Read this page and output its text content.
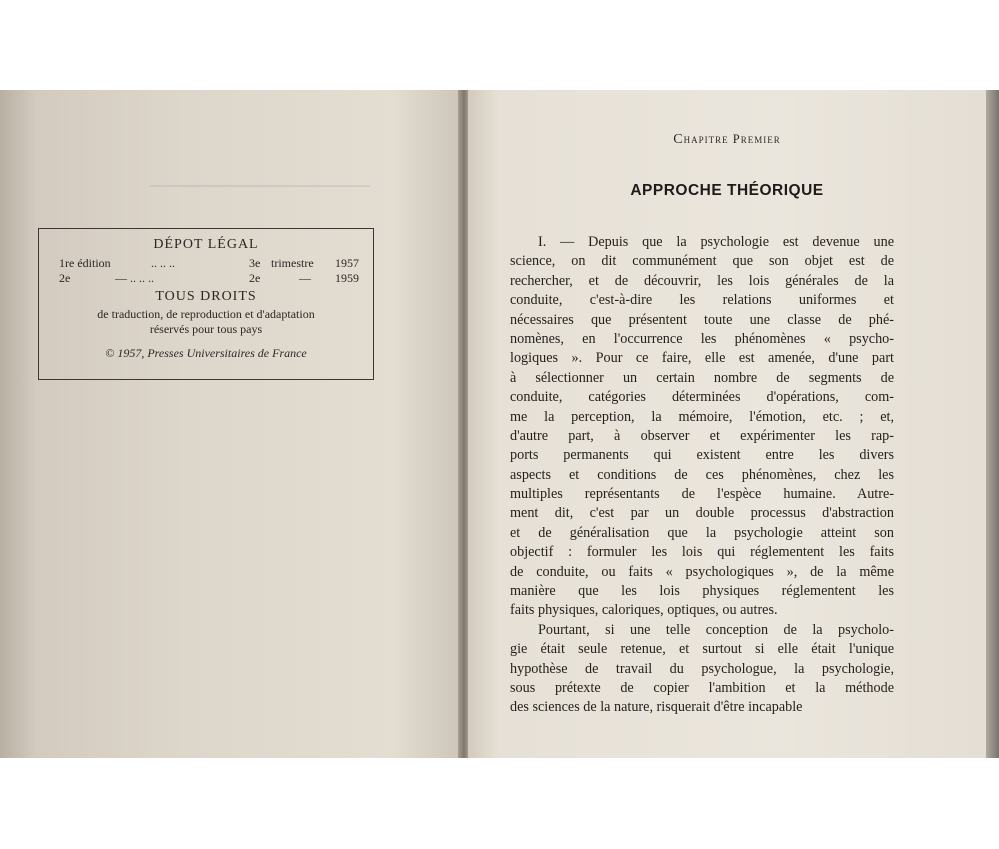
DÉPOT LÉGAL
1re édition	.. .. ..	3e trimestre 1957
2e	— .. .. ..	2e	— 1959
TOUS DROITS
de traduction, de reproduction et d'adaptation
réservés pour tous pays
© 1957, Presses Universitaires de France
Chapitre Premier
APPROCHE THÉORIQUE
I. — Depuis que la psychologie est devenue une
science, on dit communément que son objet est de
rechercher, et de découvrir, les lois générales de la
conduite, c'est-à-dire les relations uniformes et
nécessaires que présentent toute une classe de phé-
nomènes, en l'occurrence les phénomènes « psycho-
logiques ». Pour ce faire, elle est amenée, d'une part
à sélectionner un certain nombre de segments de
conduite, catégories déterminées d'opérations, com-
me la perception, la mémoire, l'émotion, etc. ; et,
d'autre part, à observer et expérimenter les rap-
ports permanents qui existent entre les divers
aspects et conditions de ces phénomènes, chez les
multiples représentants de l'espèce humaine. Autre-
ment dit, c'est par un double processus d'abstraction
et de généralisation que la psychologie atteint son
objectif : formuler les lois qui réglementent les faits
de conduite, ou faits « psychologiques », de la même
manière que les lois physiques réglementent les
faits physiques, caloriques, optiques, ou autres.
Pourtant, si une telle conception de la psycholo-
gie était seule retenue, et surtout si elle était l'unique
hypothèse de travail du psychologue, la psychologie,
sous prétexte de copier l'ambition et la méthode
des sciences de la nature, risquerait d'être incapable
